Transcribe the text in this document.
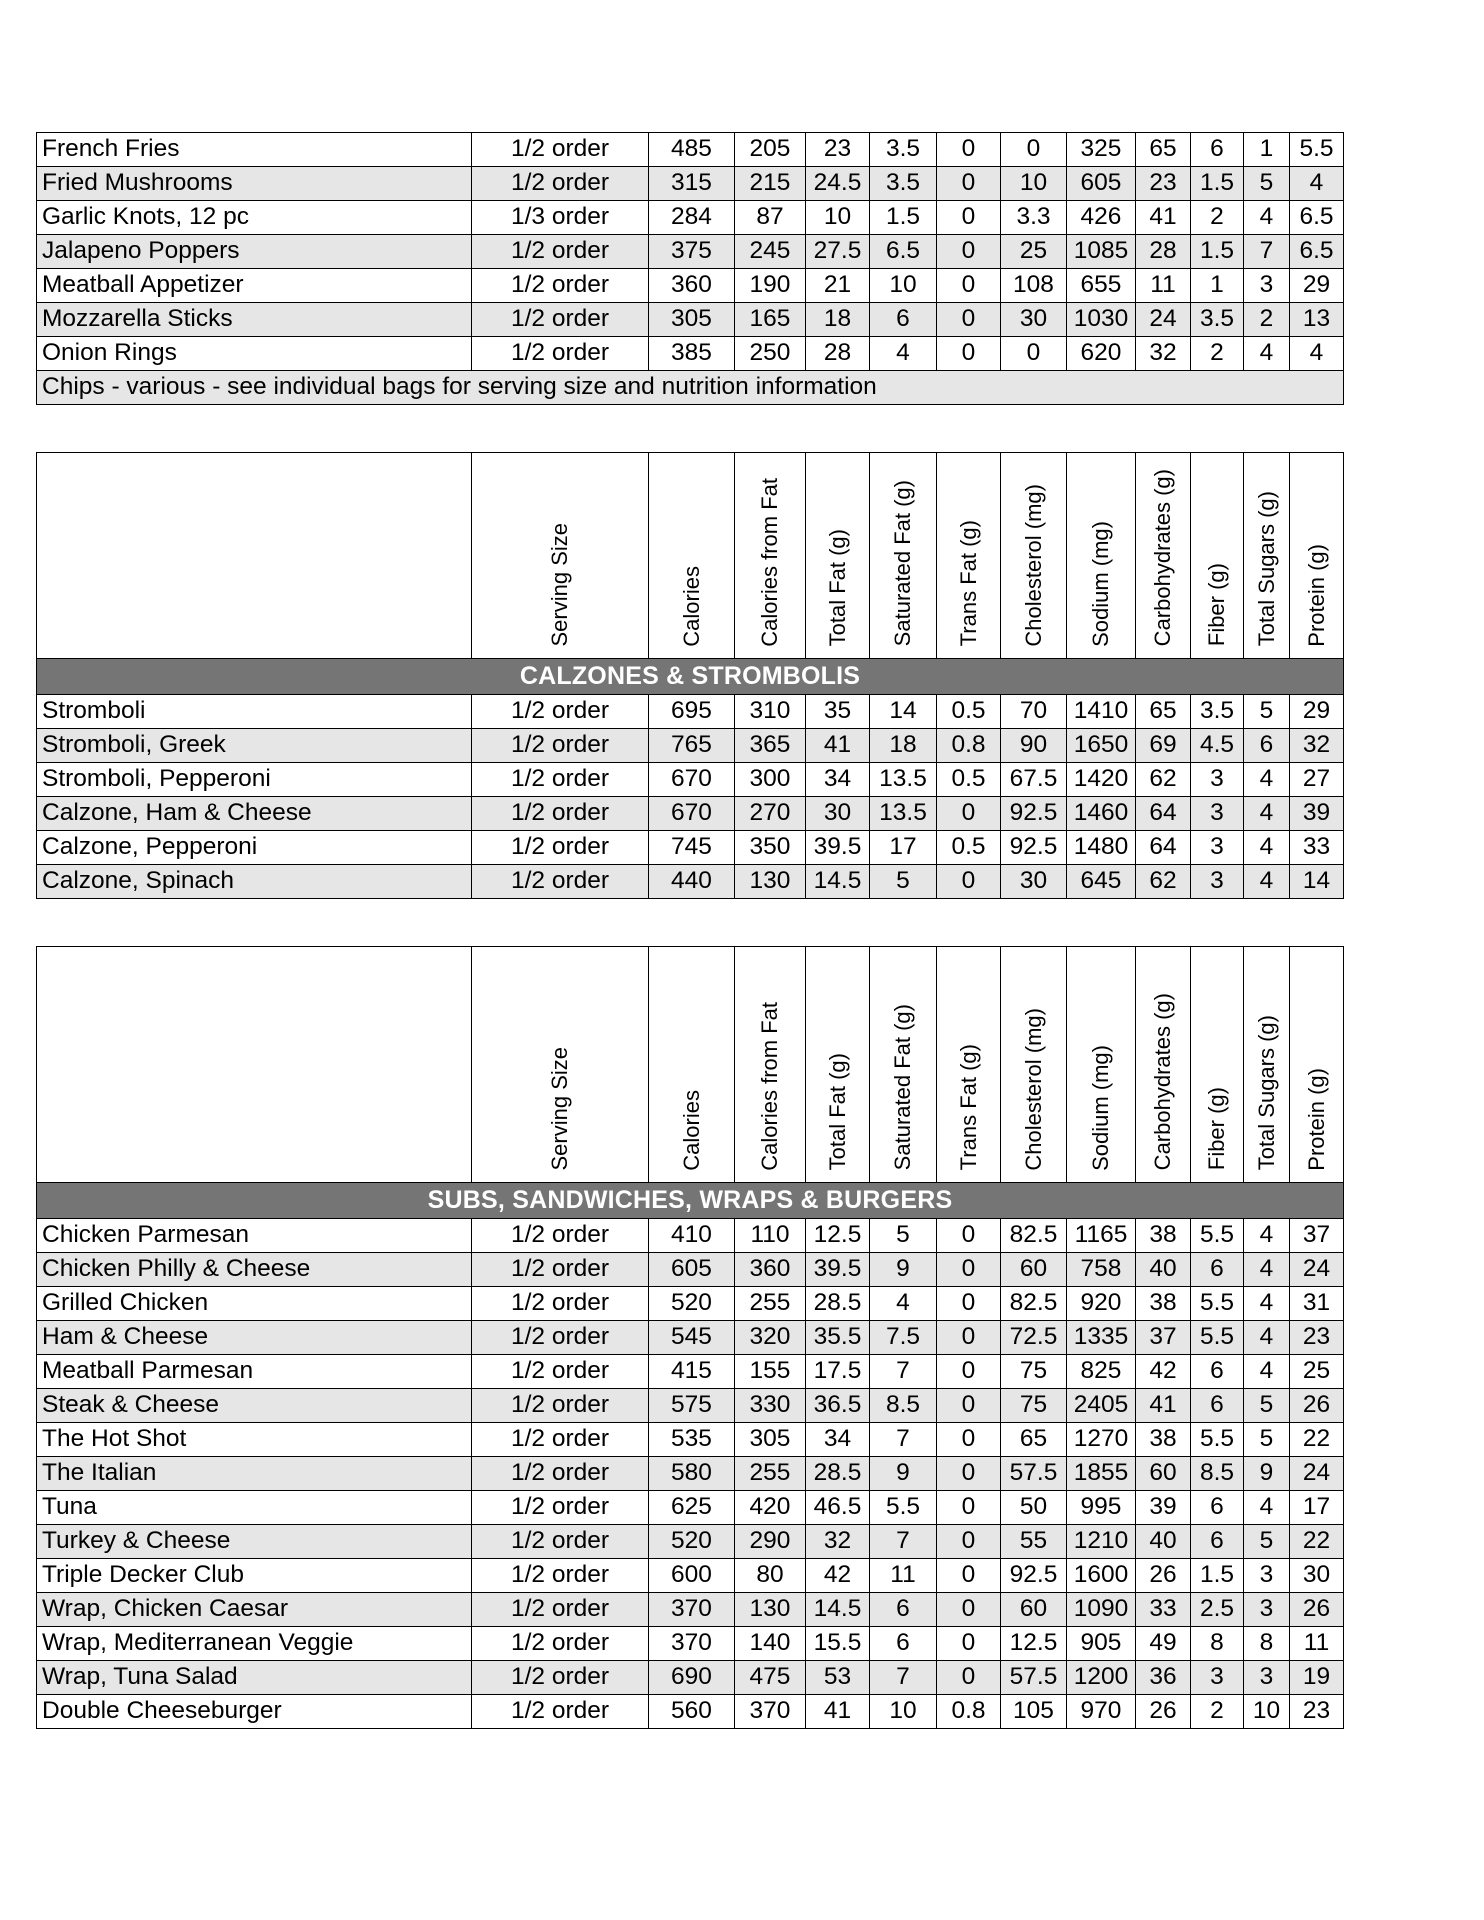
French Fries	1/2 order	485	205	23	3.5	0	0	325	65	6	1	5.5
Fried Mushrooms	1/2 order	315	215	24.5	3.5	0	10	605	23	1.5	5	4
Garlic Knots, 12 pc	1/3 order	284	87	10	1.5	0	3.3	426	41	2	4	6.5
Jalapeno Poppers	1/2 order	375	245	27.5	6.5	0	25	1085	28	1.5	7	6.5
Meatball Appetizer	1/2 order	360	190	21	10	0	108	655	11	1	3	29
Mozzarella Sticks	1/2 order	305	165	18	6	0	30	1030	24	3.5	2	13
Onion Rings	1/2 order	385	250	28	4	0	0	620	32	2	4	4
Chips - various - see individual bags for serving size and nutrition information												
	Serving Size	Calories	Calories from Fat	Total Fat (g)	Saturated Fat (g)	Trans Fat (g)	Cholesterol (mg)	Sodium (mg)	Carbohydrates (g)	Fiber (g)	Total Sugars (g)	Protein (g)
CALZONES & STROMBOLIS												
Stromboli	1/2 order	695	310	35	14	0.5	70	1410	65	3.5	5	29
Stromboli, Greek	1/2 order	765	365	41	18	0.8	90	1650	69	4.5	6	32
Stromboli, Pepperoni	1/2 order	670	300	34	13.5	0.5	67.5	1420	62	3	4	27
Calzone, Ham & Cheese	1/2 order	670	270	30	13.5	0	92.5	1460	64	3	4	39
Calzone, Pepperoni	1/2 order	745	350	39.5	17	0.5	92.5	1480	64	3	4	33
Calzone, Spinach	1/2 order	440	130	14.5	5	0	30	645	62	3	4	14
	Serving Size	Calories	Calories from Fat	Total Fat (g)	Saturated Fat (g)	Trans Fat (g)	Cholesterol (mg)	Sodium (mg)	Carbohydrates (g)	Fiber (g)	Total Sugars (g)	Protein (g)
SUBS, SANDWICHES, WRAPS & BURGERS												
Chicken Parmesan	1/2 order	410	110	12.5	5	0	82.5	1165	38	5.5	4	37
Chicken Philly & Cheese	1/2 order	605	360	39.5	9	0	60	758	40	6	4	24
Grilled Chicken	1/2 order	520	255	28.5	4	0	82.5	920	38	5.5	4	31
Ham & Cheese	1/2 order	545	320	35.5	7.5	0	72.5	1335	37	5.5	4	23
Meatball Parmesan	1/2 order	415	155	17.5	7	0	75	825	42	6	4	25
Steak & Cheese	1/2 order	575	330	36.5	8.5	0	75	2405	41	6	5	26
The Hot Shot	1/2 order	535	305	34	7	0	65	1270	38	5.5	5	22
The Italian	1/2 order	580	255	28.5	9	0	57.5	1855	60	8.5	9	24
Tuna	1/2 order	625	420	46.5	5.5	0	50	995	39	6	4	17
Turkey & Cheese	1/2 order	520	290	32	7	0	55	1210	40	6	5	22
Triple Decker Club	1/2 order	600	80	42	11	0	92.5	1600	26	1.5	3	30
Wrap, Chicken Caesar	1/2 order	370	130	14.5	6	0	60	1090	33	2.5	3	26
Wrap, Mediterranean Veggie	1/2 order	370	140	15.5	6	0	12.5	905	49	8	8	11
Wrap, Tuna Salad	1/2 order	690	475	53	7	0	57.5	1200	36	3	3	19
Double Cheeseburger	1/2 order	560	370	41	10	0.8	105	970	26	2	10	23
